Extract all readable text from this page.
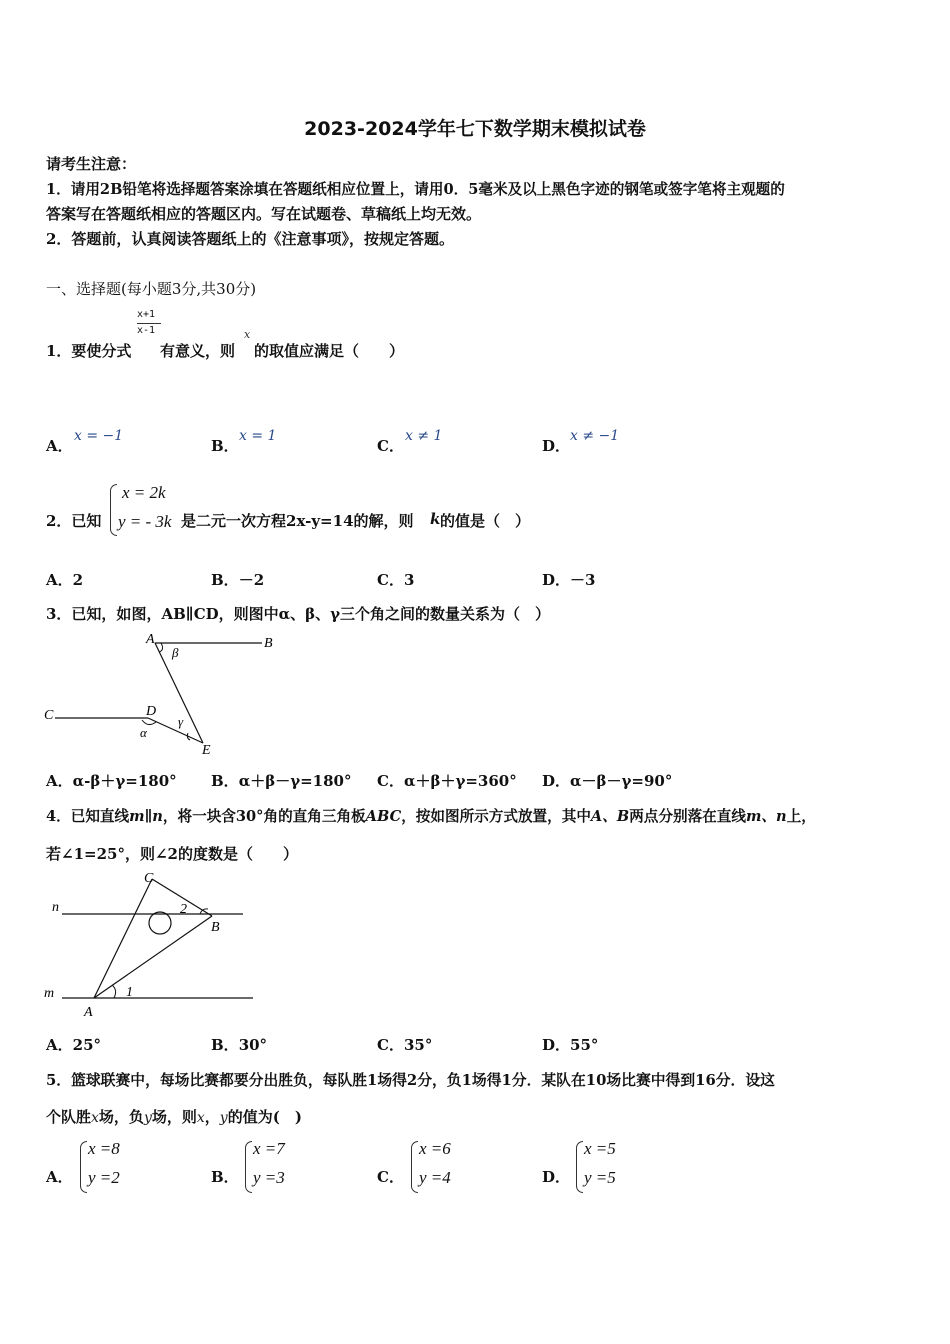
2023-2024学年七下数学期末模拟试卷
请考生注意：
1．请用2B铅笔将选择题答案涂填在答题纸相应位置上，请用0．5毫米及以上黑色字迹的钢笔或签字笔将主观题的
答案写在答题纸相应的答题区内。写在试题卷、草稿纸上均无效。
2．答题前，认真阅读答题纸上的《注意事项》，按规定答题。
一、选择题(每小题3分,共30分)
1．要使分式
x+1
x-1
有意义，则
x
的取值应满足（　　）
A．
x = −1
B．
x = 1
C．
x ≠ 1
D．
x ≠ −1
2．已知
x = 2k
y = - 3k 是二元一次方程2x-y=14的解，则 k 的值是（　）
A．2	B．－2	C．3	D．－3
3．已知，如图，AB∥CD，则图中α、β、γ三个角之间的数量关系为（　）
A	B
C	D
E
α
β
γ
A．α-β＋γ=180° B．α＋β－γ=180° C．α＋β＋γ=360° D．α－β－γ=90°
4．已知直线m∥n，将一块含30°角的直角三角板ABC，按如图所示方式放置，其中A、B两点分别落在直线m、n上，
若∠1=25°，则∠2的度数是（　　）
C
n	2
B
m	1
A
A．25°	B．30°	C．35°	D．55°
5．篮球联赛中，每场比赛都要分出胜负，每队胜1场得2分，负1场得1分．某队在10场比赛中得到16分．设这
个队胜x场，负y场，则x，y的值为(　)
A．
x =8
y =2	B．
x =7
y =3	C．
x =6
y =4	D．
x =5
y =5
